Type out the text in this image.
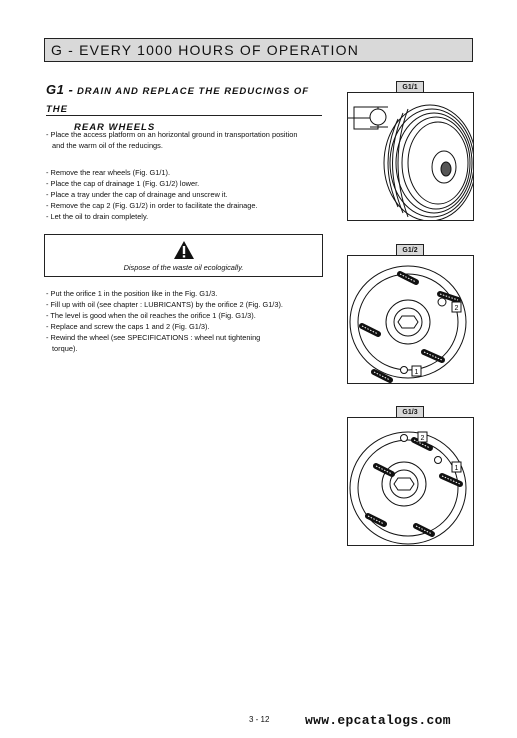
G - EVERY 1000 HOURS OF OPERATION
G1 - DRAIN AND REPLACE THE REDUCINGS OF THE
REAR WHEELS
- Place the access platform on an horizontal ground in transportation position
and the warm oil of the reducings.
- Remove the rear wheels (Fig. G1/1).
- Place the cap of drainage 1 (Fig. G1/2) lower.
- Place a tray under the cap of drainage and unscrew it.
- Remove the cap 2 (Fig. G1/2) in order to facilitate the drainage.
- Let the oil to drain completely.
Dispose of the waste oil ecologically.
- Put the orifice 1 in the position like in the Fig. G1/3.
- Fill up with oil (see chapter : LUBRICANTS) by the orifice 2 (Fig. G1/3).
- The level is good when the oil reaches the orifice 1 (Fig. G1/3).
- Replace and screw the caps 1 and 2 (Fig. G1/3).
- Rewind the wheel (see SPECIFICATIONS : wheel nut tightening
torque).
G1/1
G1/2
2
1
G1/3
2
1
3 - 12	www.epcatalogs.com
